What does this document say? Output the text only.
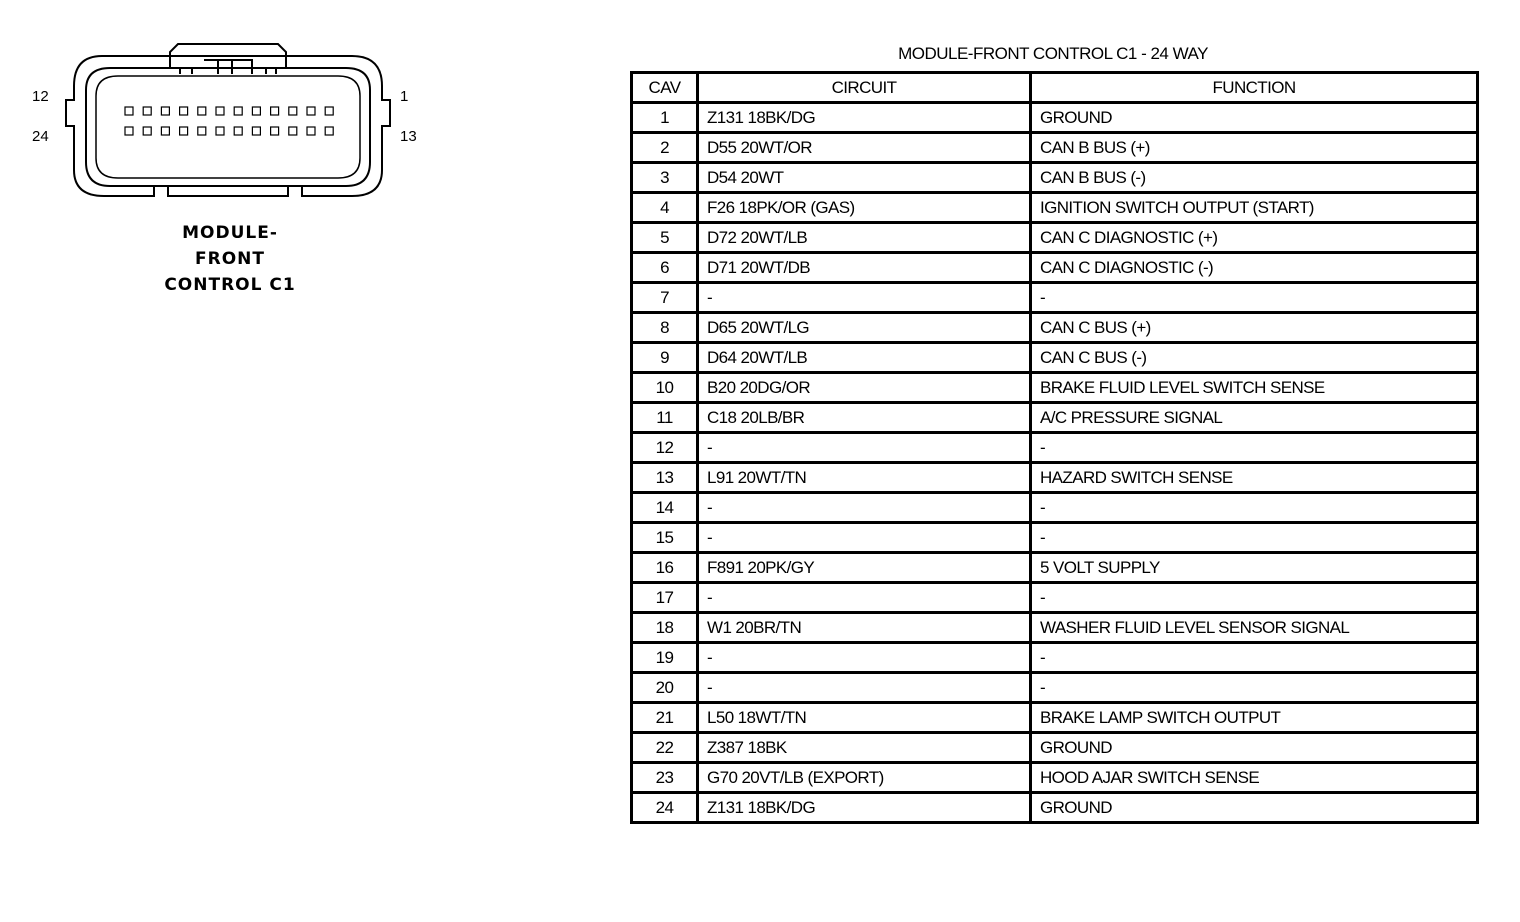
12
24
1
13
MODULE-
FRONT
CONTROL C1
MODULE-FRONT CONTROL C1 - 24 WAY
CAV	CIRCUIT	FUNCTION
1	Z131 18BK/DG	GROUND
2	D55 20WT/OR	CAN B BUS (+)
3	D54 20WT	CAN B BUS (-)
4	F26 18PK/OR (GAS)	IGNITION SWITCH OUTPUT (START)
5	D72 20WT/LB	CAN C DIAGNOSTIC (+)
6	D71 20WT/DB	CAN C DIAGNOSTIC (-)
7	-	-
8	D65 20WT/LG	CAN C BUS (+)
9	D64 20WT/LB	CAN C BUS (-)
10	B20 20DG/OR	BRAKE FLUID LEVEL SWITCH SENSE
11	C18 20LB/BR	A/C PRESSURE SIGNAL
12	-	-
13	L91 20WT/TN	HAZARD SWITCH SENSE
14	-	-
15	-	-
16	F891 20PK/GY	5 VOLT SUPPLY
17	-	-
18	W1 20BR/TN	WASHER FLUID LEVEL SENSOR SIGNAL
19	-	-
20	-	-
21	L50 18WT/TN	BRAKE LAMP SWITCH OUTPUT
22	Z387 18BK	GROUND
23	G70 20VT/LB (EXPORT)	HOOD AJAR SWITCH SENSE
24	Z131 18BK/DG	GROUND
